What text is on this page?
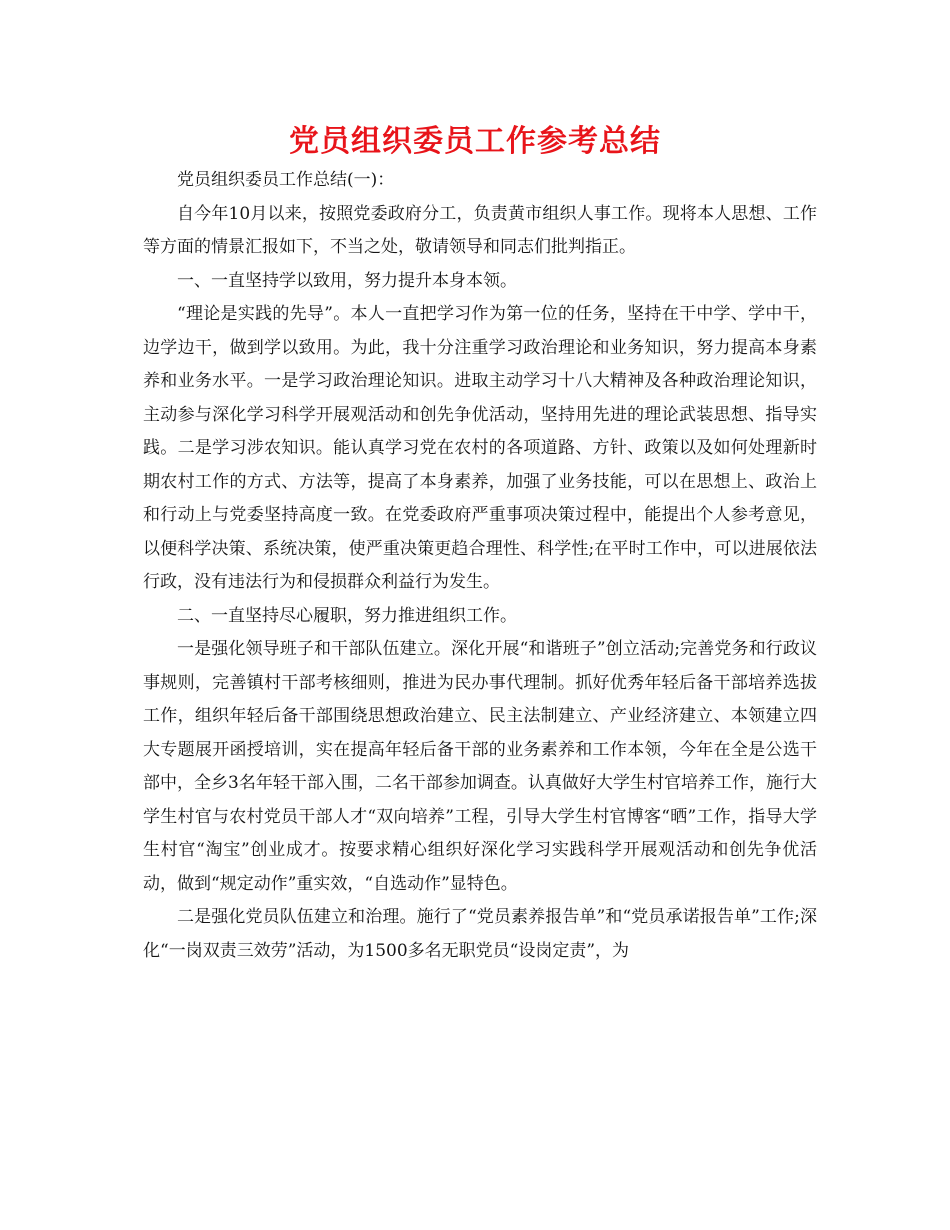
党员组织委员工作参考总结

党员组织委员工作总结(一)：

自今年10月以来，按照党委政府分工，负责黄市组织人事工作。现将本人思想、工作等方面的情景汇报如下，不当之处，敬请领导和同志们批判指正。

一、一直坚持学以致用，努力提升本身本领。

“理论是实践的先导”。本人一直把学习作为第一位的任务，坚持在干中学、学中干，边学边干，做到学以致用。为此，我十分注重学习政治理论和业务知识，努力提高本身素养和业务水平。一是学习政治理论知识。进取主动学习十八大精神及各种政治理论知识，主动参与深化学习科学开展观活动和创先争优活动，坚持用先进的理论武装思想、指导实践。二是学习涉农知识。能认真学习党在农村的各项道路、方针、政策以及如何处理新时期农村工作的方式、方法等，提高了本身素养，加强了业务技能，可以在思想上、政治上和行动上与党委坚持高度一致。在党委政府严重事项决策过程中，能提出个人参考意见，以便科学决策、系统决策，使严重决策更趋合理性、科学性;在平时工作中，可以进展依法行政，没有违法行为和侵损群众利益行为发生。

二、一直坚持尽心履职，努力推进组织工作。

一是强化领导班子和干部队伍建立。深化开展“和谐班子”创立活动;完善党务和行政议事规则，完善镇村干部考核细则，推进为民办事代理制。抓好优秀年轻后备干部培养选拔工作，组织年轻后备干部围绕思想政治建立、民主法制建立、产业经济建立、本领建立四大专题展开函授培训，实在提高年轻后备干部的业务素养和工作本领，今年在全是公选干部中，全乡3名年轻干部入围，二名干部参加调查。认真做好大学生村官培养工作，施行大学生村官与农村党员干部人才“双向培养”工程，引导大学生村官博客“晒”工作，指导大学生村官“淘宝”创业成才。按要求精心组织好深化学习实践科学开展观活动和创先争优活动，做到“规定动作”重实效，“自选动作”显特色。

二是强化党员队伍建立和治理。施行了“党员素养报告单”和“党员承诺报告单”工作;深化“一岗双责三效劳”活动，为1500多名无职党员“设岗定责”，为
